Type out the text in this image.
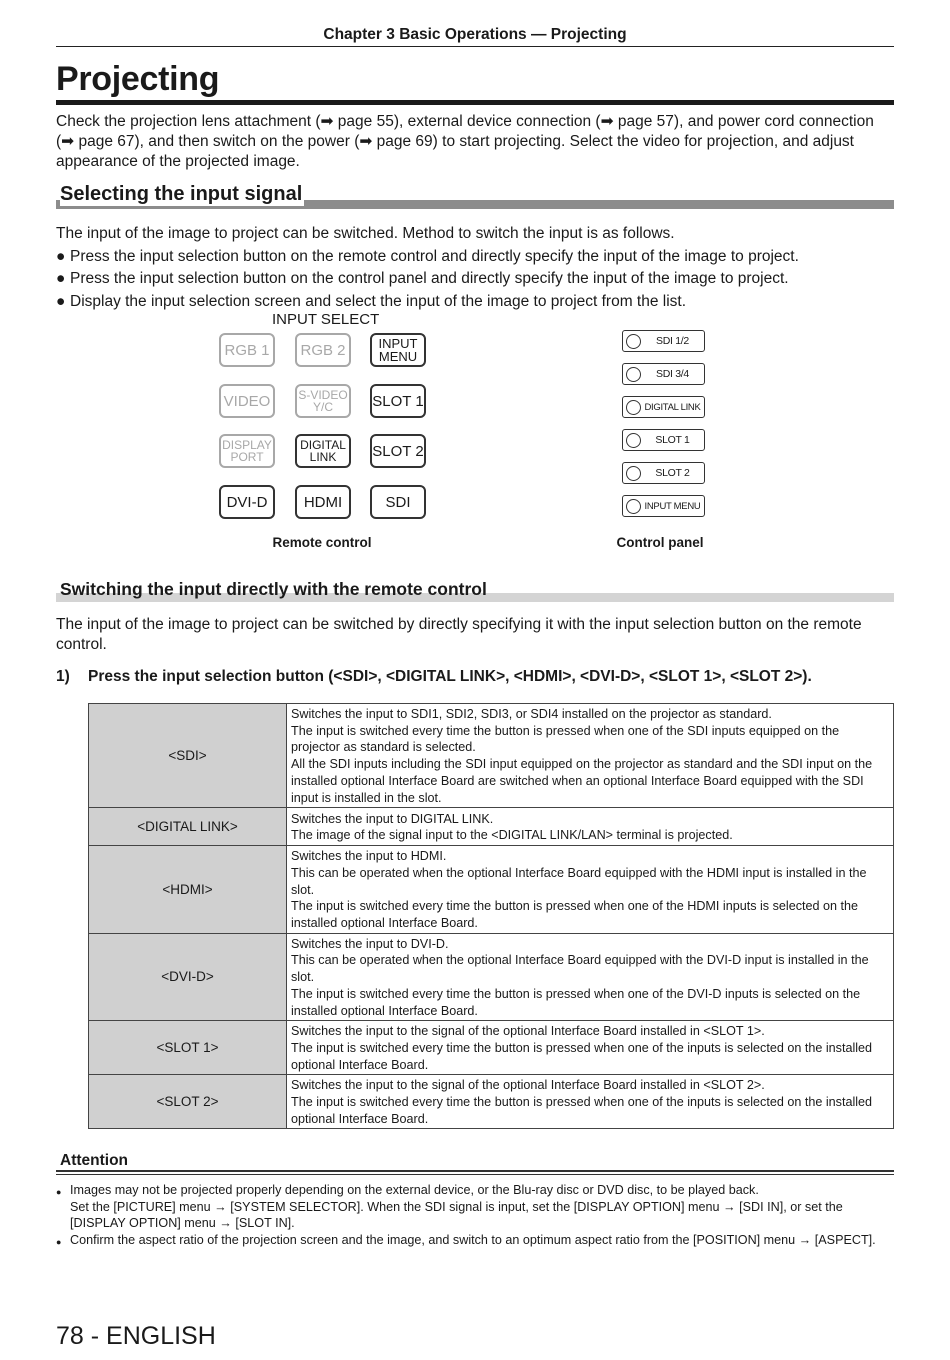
Chapter 3 Basic Operations — Projecting
Projecting

Check the projection lens attachment (➡ page 55), external device connection (➡ page 57), and power cord connection (➡ page 67), and then switch on the power (➡ page 69) to start projecting. Select the video for projection, and adjust appearance of the projected image.

Selecting the input signal
The input of the image to project can be switched. Method to switch the input is as follows.
● Press the input selection button on the remote control and directly specify the input of the image to project.
● Press the input selection button on the control panel and directly specify the input of the image to project.
● Display the input selection screen and select the input of the image to project from the list.
INPUT SELECT
RGB 1	RGB 2	INPUT
MENU
VIDEO	S-VIDEO
Y/C	SLOT 1
DISPLAY
PORT
DIGITAL
LINK	SLOT 2
DVI-D	HDMI	SDI
SDI 1/2
SDI 3/4
DIGITAL LINK
SLOT 1
SLOT 2
INPUT MENU
Remote control	Control panel
Switching the input directly with the remote control

The input of the image to project can be switched by directly specifying it with the input selection button on the remote control.

1) Press the input selection button (<SDI>, <DIGITAL LINK>, <HDMI>, <DVI-D>, <SLOT 1>, <SLOT 2>).
<SDI>	Switches the input to SDI1, SDI2, SDI3, or SDI4 installed on the projector as standard.
The input is switched every time the button is pressed when one of the SDI inputs equipped on the projector as standard is selected.
All the SDI inputs including the SDI input equipped on the projector as standard and the SDI input on the installed optional Interface Board are switched when an optional Interface Board equipped with the SDI input is installed in the slot.

<DIGITAL LINK>	Switches the input to DIGITAL LINK.
The image of the signal input to the <DIGITAL LINK/LAN> terminal is projected.

<HDMI>	Switches the input to HDMI.
This can be operated when the optional Interface Board equipped with the HDMI input is installed in the slot.
The input is switched every time the button is pressed when one of the HDMI inputs is selected on the installed optional Interface Board.

<DVI-D>	Switches the input to DVI-D.
This can be operated when the optional Interface Board equipped with the DVI-D input is installed in the slot.
The input is switched every time the button is pressed when one of the DVI-D inputs is selected on the installed optional Interface Board.

<SLOT 1>	Switches the input to the signal of the optional Interface Board installed in <SLOT 1>.
The input is switched every time the button is pressed when one of the inputs is selected on the installed optional Interface Board.

<SLOT 2>	Switches the input to the signal of the optional Interface Board installed in <SLOT 2>.
The input is switched every time the button is pressed when one of the inputs is selected on the installed optional Interface Board.
Attention
● Images may not be projected properly depending on the external device, or the Blu-ray disc or DVD disc, to be played back.
Set the [PICTURE] menu → [SYSTEM SELECTOR]. When the SDI signal is input, set the [DISPLAY OPTION] menu → [SDI IN], or set the [DISPLAY OPTION] menu → [SLOT IN].
● Confirm the aspect ratio of the projection screen and the image, and switch to an optimum aspect ratio from the [POSITION] menu → [ASPECT].
78 - ENGLISH
